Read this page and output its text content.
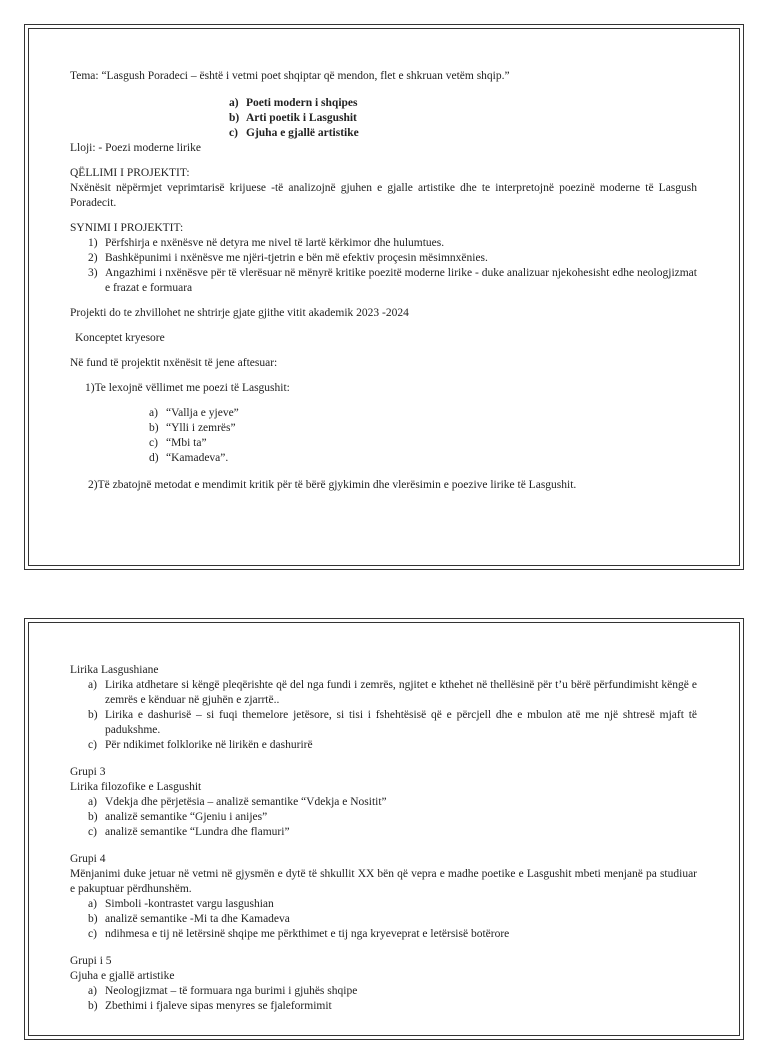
Tema: “Lasgush Poradeci – është i vetmi poet shqiptar që mendon, flet e shkruan vetëm shqip.”

a) Poeti modern i shqipes
b) Arti poetik i Lasgushit
c) Gjuha e gjallë artistike

Lloji: - Poezi moderne lirike

QËLLIMI I PROJEKTIT:

Nxënësit nëpërmjet veprimtarisë krijuese -të analizojnë gjuhen e gjalle artistike dhe te interpretojnë poezinë moderne të Lasgush Poradecit.

SYNIMI I PROJEKTIT:

1) Përfshirja e nxënësve në detyra me nivel të lartë kërkimor dhe hulumtues.
2) Bashkëpunimi i nxënësve me njëri-tjetrin e bën më efektiv proçesin mësimnxënies.
3) Angazhimi i nxënësve për të vlerësuar në mënyrë kritike poezitë moderne lirike - duke analizuar njekohesisht edhe neologjizmat e frazat e formuara

Projekti do te zhvillohet ne shtrirje gjate gjithe vitit akademik 2023 -2024

Konceptet kryesore

Në fund të projektit nxënësit të jene aftesuar:

1)Te lexojnë vëllimet me poezi të Lasgushit:

a) “Vallja e yjeve”
b) “Ylli i zemrës”
c) “Mbi ta”
d) “Kamadeva”.

2)Të zbatojnë metodat e mendimit kritik për të bërë gjykimin dhe vlerësimin e poezive lirike të Lasgushit.

Lirika Lasgushiane

a) Lirika atdhetare si këngë pleqërishte që del nga fundi i zemrës, ngjitet e kthehet në thellësinë për t’u bërë përfundimisht këngë e zemrës e kënduar në gjuhën e zjarrtë..
b) Lirika e dashurisë – si fuqi themelore jetësore, si tisi i fshehtësisë që e përcjell dhe e mbulon atë me një shtresë mjaft të padukshme.
c) Për ndikimet folklorike në lirikën e dashurirë

Grupi 3

Lirika filozofike e Lasgushit

a) Vdekja dhe përjetësia – analizë semantike “Vdekja e Nositit”
b) analizë semantike “Gjeniu i anijes”
c) analizë semantike “Lundra dhe flamuri”

Grupi 4

Mënjanimi duke jetuar në vetmi në gjysmën e dytë të shkullit XX bën që vepra e madhe poetike e Lasgushit mbeti menjanë pa studiuar e pakuptuar përdhunshëm.

a) Simboli -kontrastet vargu lasgushian
b) analizë semantike -Mi ta dhe Kamadeva
c) ndihmesa e tij në letërsinë shqipe me përkthimet e tij nga kryeveprat e letërsisë botërore

Grupi i 5

Gjuha e gjallë artistike

a) Neologjizmat – të formuara nga burimi i gjuhës shqipe
b) Zbethimi i fjaleve sipas menyres se fjaleformimit
